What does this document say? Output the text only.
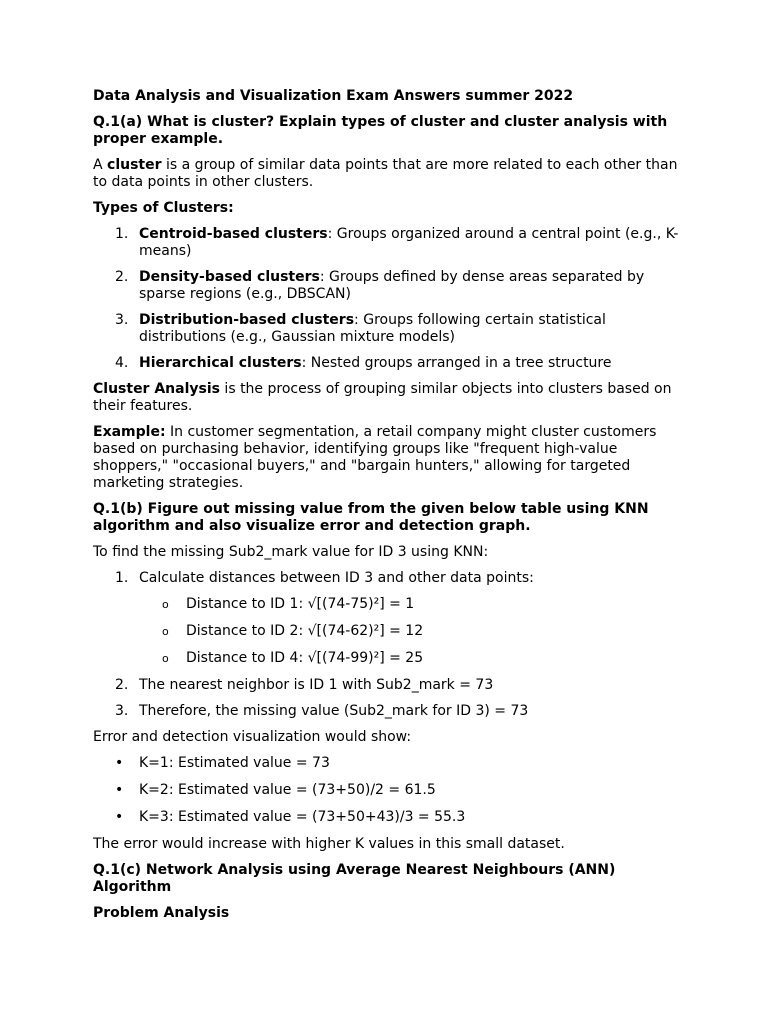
Data Analysis and Visualization Exam Answers summer 2022

Q.1(a) What is cluster? Explain types of cluster and cluster analysis with proper example.

A cluster is a group of similar data points that are more related to each other than to data points in other clusters.

Types of Clusters:

1. Centroid-based clusters: Groups organized around a central point (e.g., K-means)
2. Density-based clusters: Groups defined by dense areas separated by sparse regions (e.g., DBSCAN)
3. Distribution-based clusters: Groups following certain statistical distributions (e.g., Gaussian mixture models)
4. Hierarchical clusters: Nested groups arranged in a tree structure

Cluster Analysis is the process of grouping similar objects into clusters based on their features.

Example: In customer segmentation, a retail company might cluster customers based on purchasing behavior, identifying groups like "frequent high-value shoppers," "occasional buyers," and "bargain hunters," allowing for targeted marketing strategies.

Q.1(b) Figure out missing value from the given below table using KNN algorithm and also visualize error and detection graph.

To find the missing Sub2_mark value for ID 3 using KNN:

1. Calculate distances between ID 3 and other data points:
o Distance to ID 1: √[(74-75)²] = 1
o Distance to ID 2: √[(74-62)²] = 12
o Distance to ID 4: √[(74-99)²] = 25
2. The nearest neighbor is ID 1 with Sub2_mark = 73
3. Therefore, the missing value (Sub2_mark for ID 3) = 73

Error and detection visualization would show:

• K=1: Estimated value = 73
• K=2: Estimated value = (73+50)/2 = 61.5
• K=3: Estimated value = (73+50+43)/3 = 55.3

The error would increase with higher K values in this small dataset.

Q.1(c) Network Analysis using Average Nearest Neighbours (ANN) Algorithm

Problem Analysis
